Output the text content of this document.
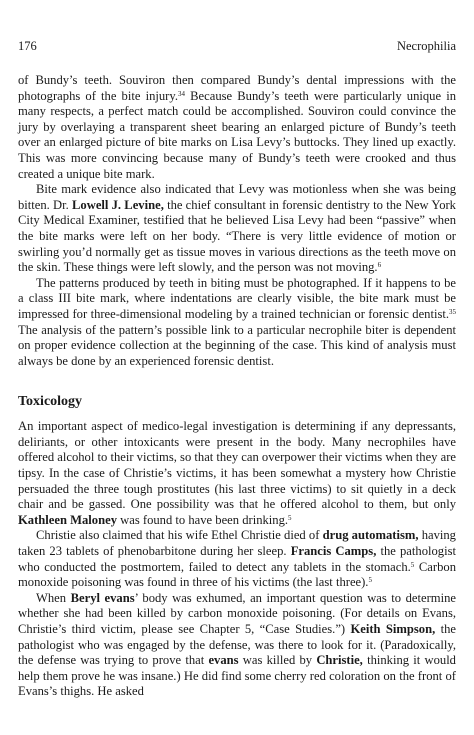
176	Necrophilia

of Bundy’s teeth. Souviron then compared Bundy’s dental impressions with the photographs of the bite injury.$^{34}$ Because Bundy’s teeth were particularly unique in many respects, a perfect match could be accomplished. Souviron could convince the jury by overlaying a transparent sheet bearing an enlarged picture of Bundy’s teeth over an enlarged picture of bite marks on Lisa Levy’s buttocks. They lined up exactly. This was more convincing because many of Bundy’s teeth were crooked and thus created a unique bite mark.

Bite mark evidence also indicated that Levy was motionless when she was being bitten. Dr. Lowell J. Levine, the chief consultant in forensic dentistry to the New York City Medical Examiner, testified that he believed Lisa Levy had been “passive” when the bite marks were left on her body. “There is very little evidence of motion or swirling you’d normally get as tissue moves in various directions as the teeth move on the skin. These things were left slowly, and the person was not moving.$^6$

The patterns produced by teeth in biting must be photographed. If it happens to be a class III bite mark, where indentations are clearly visible, the bite mark must be impressed for three-dimensional modeling by a trained technician or forensic dentist.$^{35}$ The analysis of the pattern’s possible link to a particular necrophile biter is dependent on proper evidence collection at the beginning of the case. This kind of analysis must always be done by an experienced forensic dentist.

Toxicology

An important aspect of medico-legal investigation is determining if any depressants, deliriants, or other intoxicants were present in the body. Many necrophiles have offered alcohol to their victims, so that they can overpower their victims when they are tipsy. In the case of Christie’s victims, it has been somewhat a mystery how Christie persuaded the three tough prostitutes (his last three victims) to sit quietly in a deck chair and be gassed. One possibility was that he offered alcohol to them, but only Kathleen Maloney was found to have been drinking.$^5$

Christie also claimed that his wife Ethel Christie died of drug automatism, having taken 23 tablets of phenobarbitone during her sleep. Francis Camps, the pathologist who conducted the postmortem, failed to detect any tablets in the stomach.$^5$ Carbon monoxide poisoning was found in three of his victims (the last three).$^5$

When Beryl evans’ body was exhumed, an important question was to determine whether she had been killed by carbon monoxide poisoning. (For details on Evans, Christie’s third victim, please see Chapter 5, “Case Studies.”) Keith Simpson, the pathologist who was engaged by the defense, was there to look for it. (Paradoxically, the defense was trying to prove that evans was killed by Christie, thinking it would help them prove he was insane.) He did find some cherry red coloration on the front of Evans’s thighs. He asked
